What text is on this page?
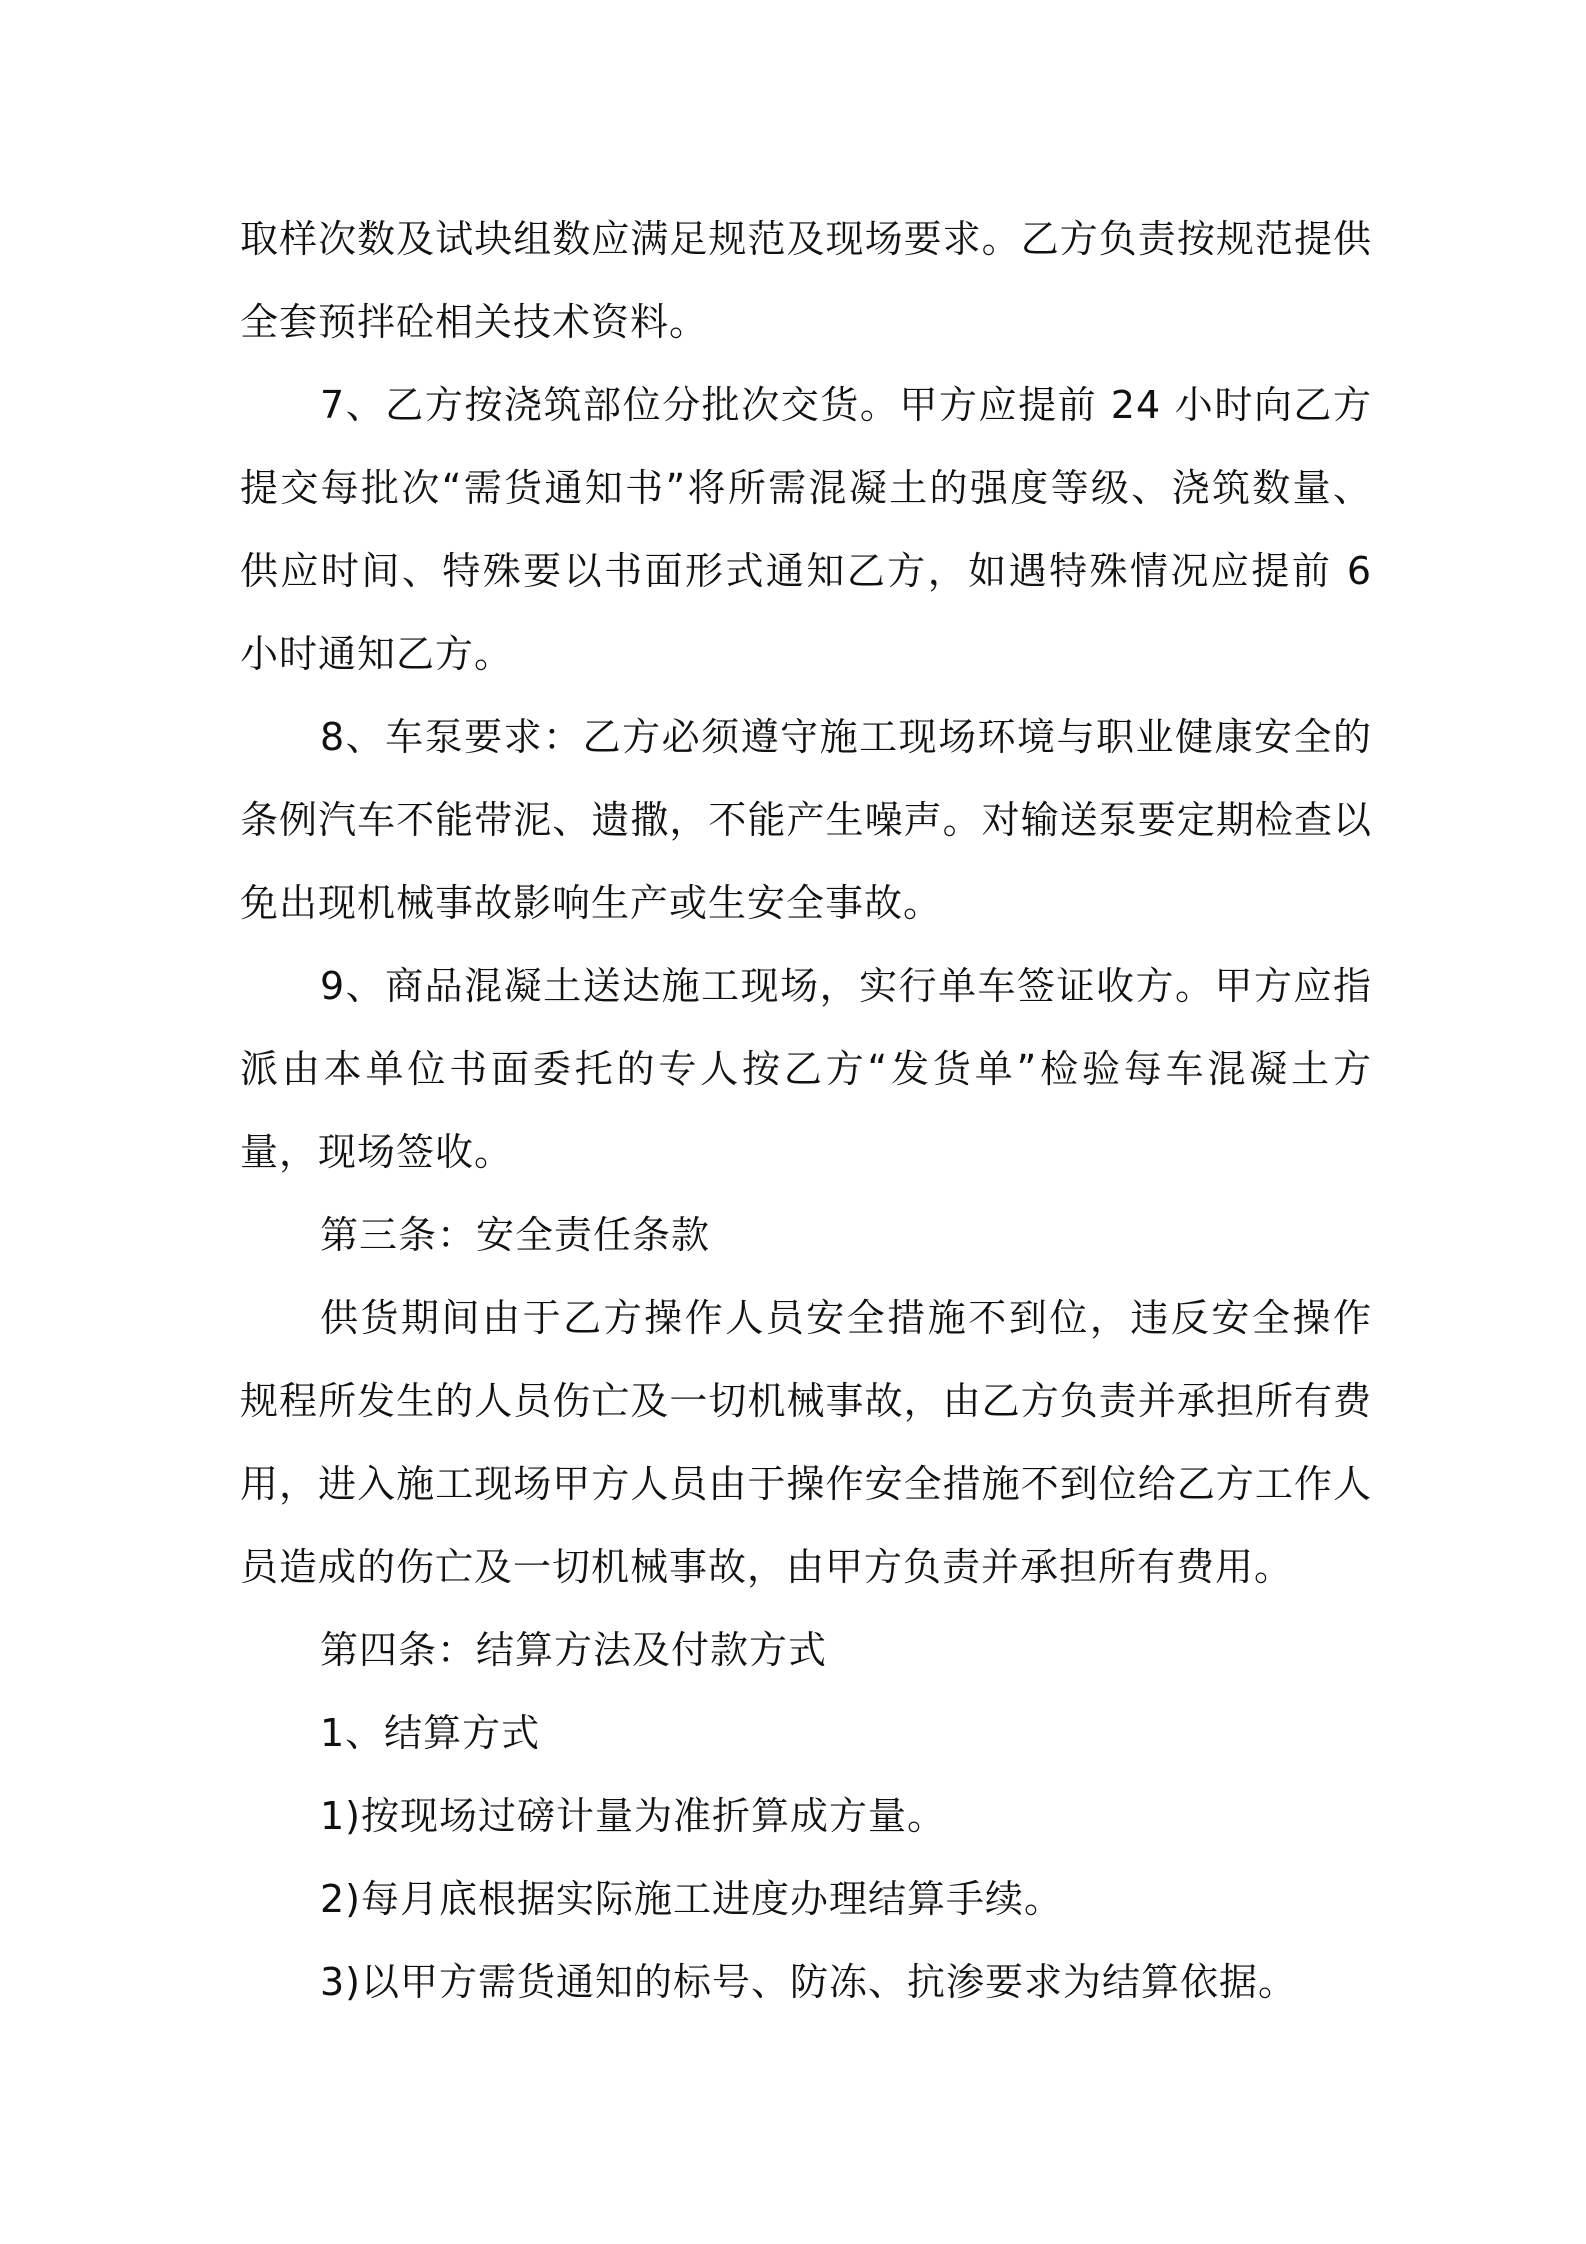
取样次数及试块组数应满足规范及现场要求。乙方负责按规范提供全套预拌砼相关技术资料。

7、乙方按浇筑部位分批次交货。甲方应提前 24 小时向乙方提交每批次“需货通知书”将所需混凝土的强度等级、浇筑数量、供应时间、特殊要以书面形式通知乙方，如遇特殊情况应提前 6 小时通知乙方。

8、车泵要求：乙方必须遵守施工现场环境与职业健康安全的条例汽车不能带泥、遗撒，不能产生噪声。对输送泵要定期检查以免出现机械事故影响生产或生安全事故。

9、商品混凝土送达施工现场，实行单车签证收方。甲方应指派由本单位书面委托的专人按乙方“发货单”检验每车混凝土方量，现场签收。

第三条：安全责任条款

供货期间由于乙方操作人员安全措施不到位，违反安全操作规程所发生的人员伤亡及一切机械事故，由乙方负责并承担所有费用，进入施工现场甲方人员由于操作安全措施不到位给乙方工作人员造成的伤亡及一切机械事故，由甲方负责并承担所有费用。

第四条：结算方法及付款方式

1、结算方式

1)按现场过磅计量为准折算成方量。

2)每月底根据实际施工进度办理结算手续。

3)以甲方需货通知的标号、防冻、抗渗要求为结算依据。
